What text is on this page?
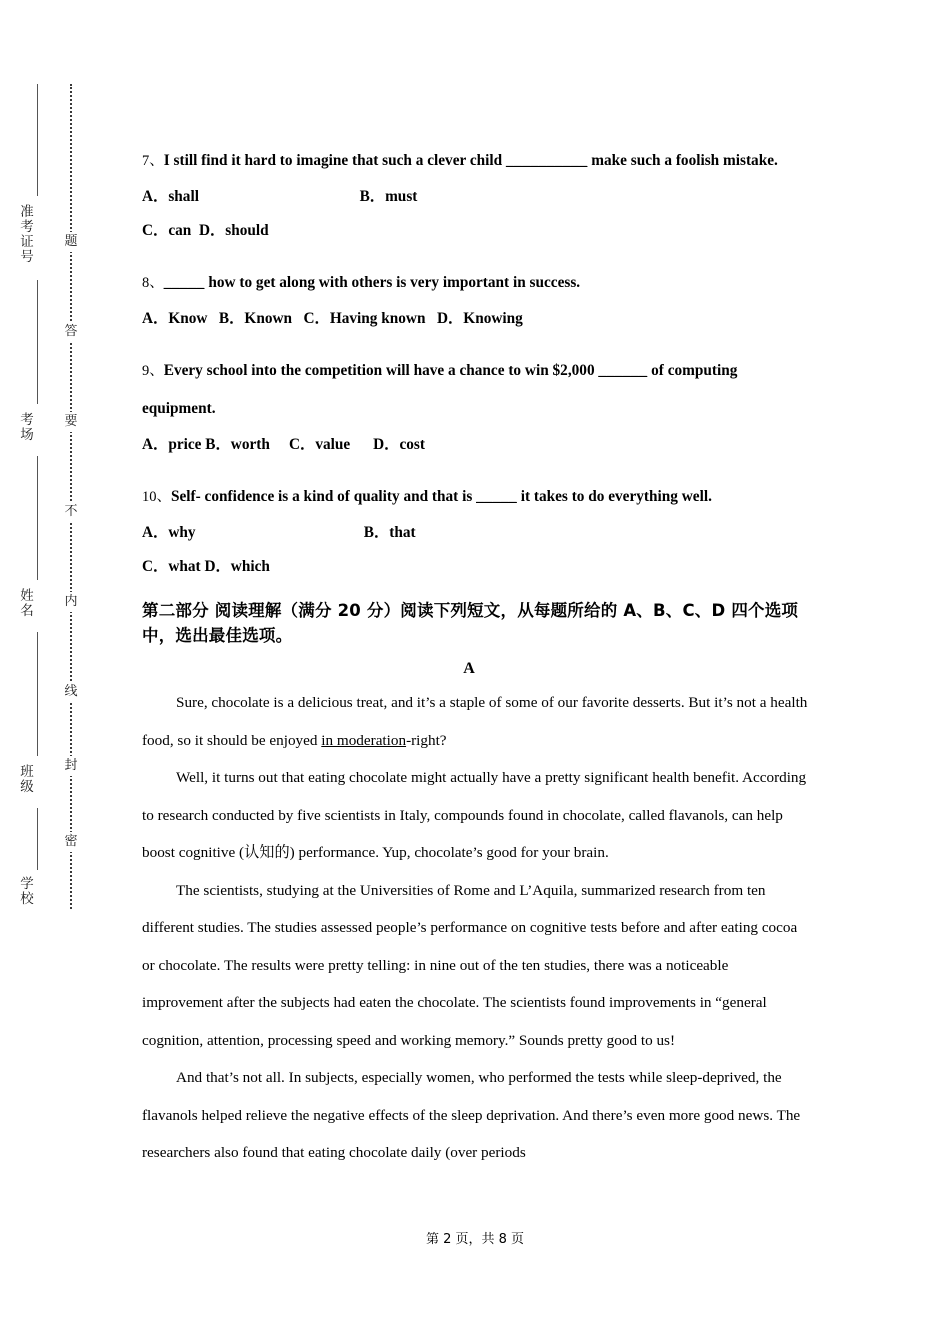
准考证号
考场
姓名
班级
学校
题
答
要
不
内
线
封
密

7、I still find it hard to imagine that such a clever child __________ make such a foolish mistake.

A．shall                                          B．must

C．can  D．should

8、_____ how to get along with others is very important in success.

A．Know   B．Known   C．Having known   D．Knowing

9、Every school into the competition will have a chance to win $2,000 ______ of computing equipment.

A．price B．worth     C．value      D．cost

10、Self- confidence is a kind of quality and that is _____ it takes to do everything well.

A．why                                            B．that

C．what D．which

第二部分 阅读理解（满分 20 分）阅读下列短文，从每题所给的 A、B、C、D 四个选项中，选出最佳选项。

A

Sure, chocolate is a delicious treat, and it’s a staple of some of our favorite desserts. But it’s not a health food, so it should be enjoyed in moderation-right?

Well, it turns out that eating chocolate might actually have a pretty significant health benefit. According to research conducted by five scientists in Italy, compounds found in chocolate, called flavanols, can help boost cognitive (认知的) performance. Yup, chocolate’s good for your brain.

The scientists, studying at the Universities of Rome and L’Aquila, summarized research from ten different studies. The studies assessed people’s performance on cognitive tests before and after eating cocoa or chocolate. The results were pretty telling: in nine out of the ten studies, there was a noticeable improvement after the subjects had eaten the chocolate. The scientists found improvements in “general cognition, attention, processing speed and working memory.” Sounds pretty good to us!

And that’s not all. In subjects, especially women, who performed the tests while sleep-deprived, the flavanols helped relieve the negative effects of the sleep deprivation. And there’s even more good news. The researchers also found that eating chocolate daily (over periods

第 2 页，共 8 页
